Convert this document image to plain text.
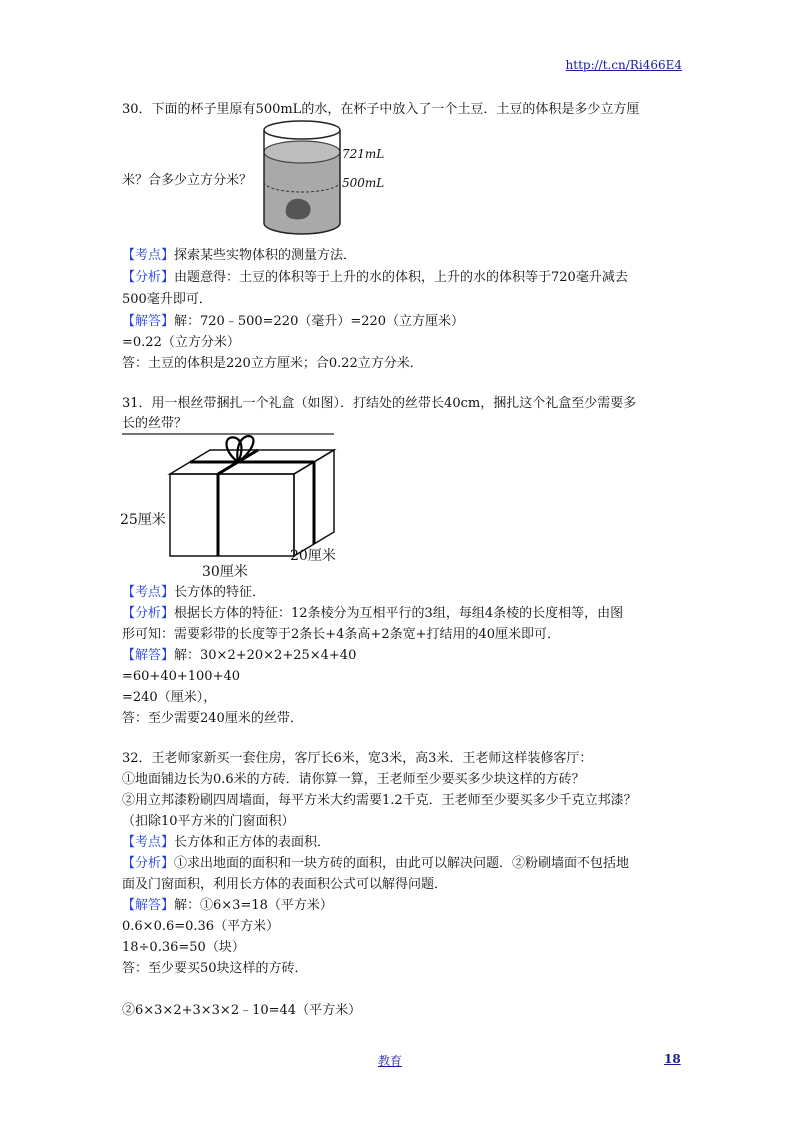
http://t.cn/Ri466E4
30．下面的杯子里原有500mL的水，在杯子中放入了一个土豆．土豆的体积是多少立方厘
米？合多少立方分米？
721mL
500mL
【考点】探索某些实物体积的测量方法．
【分析】由题意得：土豆的体积等于上升的水的体积，上升的水的体积等于720毫升减去
500毫升即可．
【解答】解：720﹣500=220（毫升）=220（立方厘米）
=0.22（立方分米）
答：土豆的体积是220立方厘米；合0.22立方分米．
31．用一根丝带捆扎一个礼盒（如图）．打结处的丝带长40cm，捆扎这个礼盒至少需要多
长的丝带？
25厘米
30厘米
20厘米
【考点】长方体的特征．
【分析】根据长方体的特征：12条棱分为互相平行的3组，每组4条棱的长度相等，由图
形可知：需要彩带的长度等于2条长+4条高+2条宽+打结用的40厘米即可．
【解答】解：30×2+20×2+25×4+40
=60+40+100+40
=240（厘米），
答：至少需要240厘米的丝带．
32．王老师家新买一套住房，客厅长6米，宽3米，高3米．王老师这样装修客厅：
①地面铺边长为0.6米的方砖．请你算一算，王老师至少要买多少块这样的方砖？
②用立邦漆粉刷四周墙面，每平方米大约需要1.2千克．王老师至少要买多少千克立邦漆？
（扣除10平方米的门窗面积）
【考点】长方体和正方体的表面积．
【分析】①求出地面的面积和一块方砖的面积，由此可以解决问题．②粉刷墙面不包括地
面及门窗面积，利用长方体的表面积公式可以解得问题．
【解答】解：①6×3=18（平方米）
0.6×0.6=0.36（平方米）
18÷0.36=50（块）
答：至少要买50块这样的方砖．
②6×3×2+3×3×2﹣10=44（平方米）
教育	18
